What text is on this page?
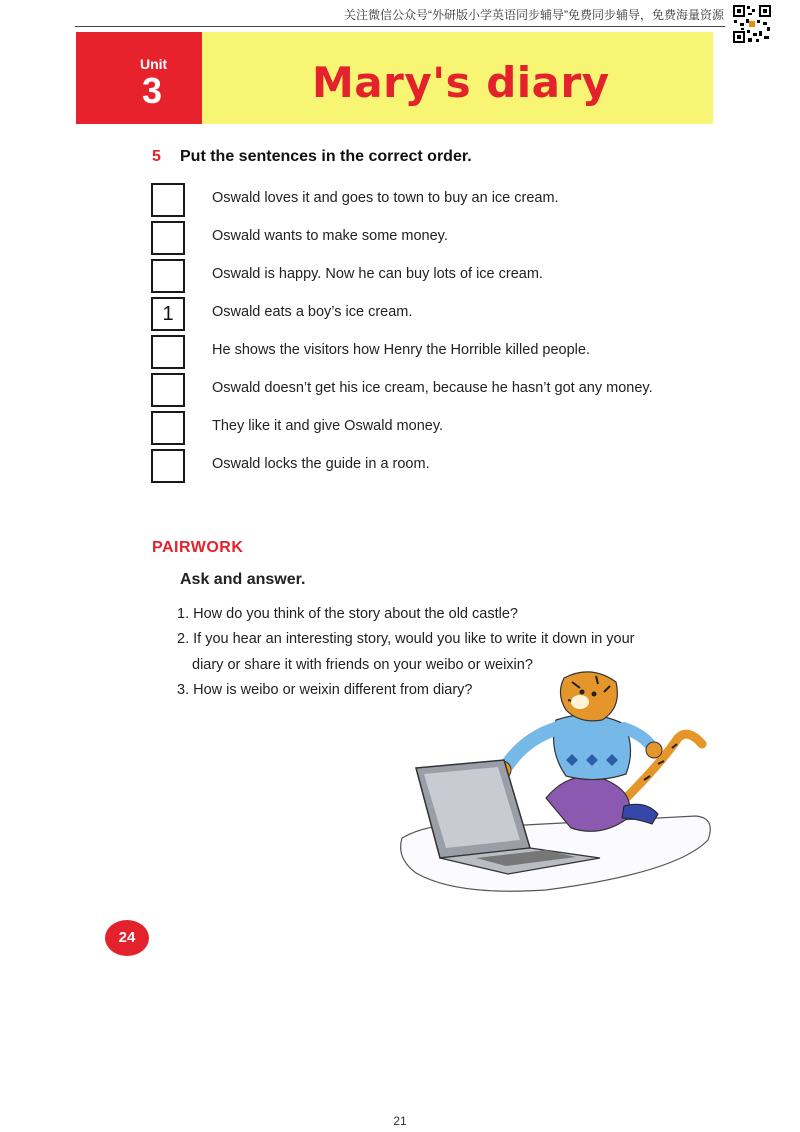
关注微信公众号“外研版小学英语同步辅导”免费同步辅导，免费海量资源
Unit
3	Mary's diary
5 Put the sentences in the correct order.
Oswald loves it and goes to town to buy an ice cream.
Oswald wants to make some money.
Oswald is happy. Now he can buy lots of ice cream.
1	Oswald eats a boy’s ice cream.
He shows the visitors how Henry the Horrible killed people.
Oswald doesn’t get his ice cream, because he hasn’t got any money.
They like it and give Oswald money.
Oswald locks the guide in a room.
PAIRWORK
Ask and answer.
1. How do you think of the story about the old castle?
2. If you hear an interesting story, would you like to write it down in your
diary or share it with friends on your weibo or weixin?
3. How is weibo or weixin different from diary?
24
21
